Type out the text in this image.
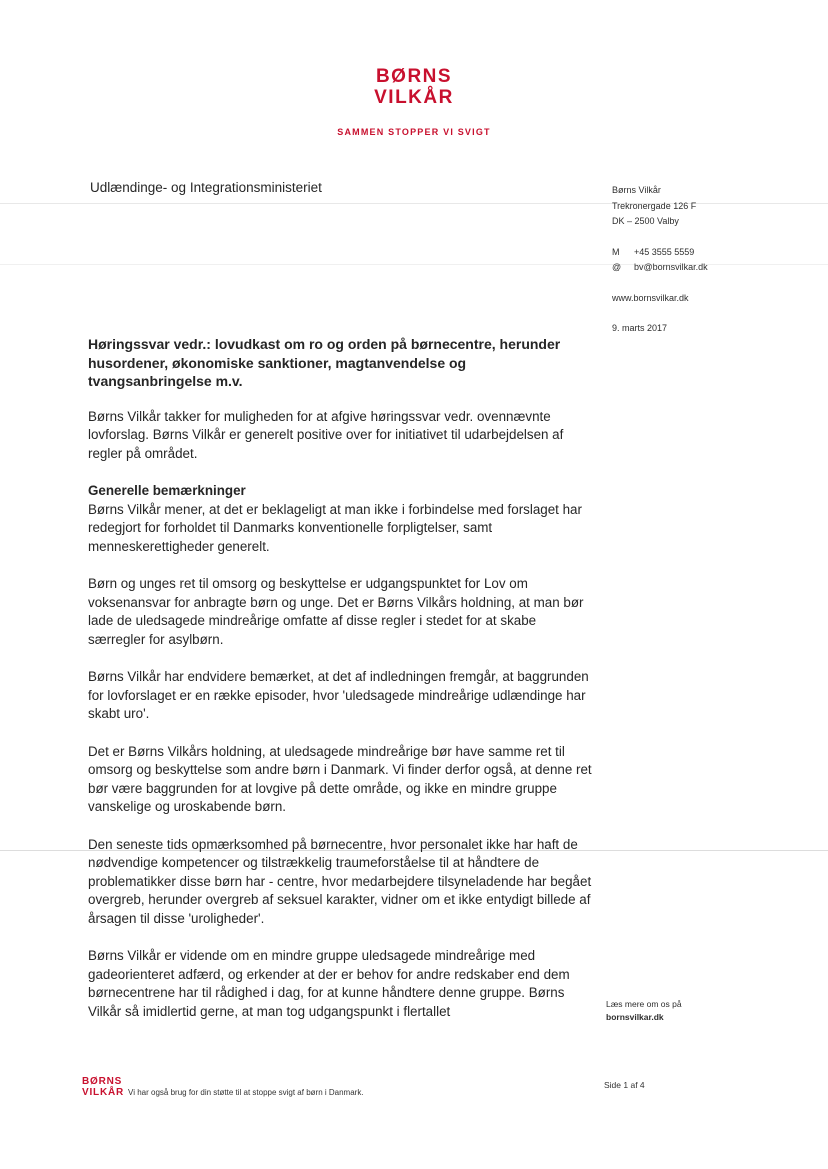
BØRNS
VILKÅR
SAMMEN STOPPER VI SVIGT
Udlændinge- og Integrationsministeriet	Børns Vilkår
Trekronergade 126 F
DK – 2500 Valby
M	+45 3555 5559
@	bv@bornsvilkar.dk
www.bornsvilkar.dk
9. marts 2017
Høringssvar vedr.: lovudkast om ro og orden på børnecentre, herunder husordener, økonomiske sanktioner, magtanvendelse og tvangsanbringelse m.v.

Børns Vilkår takker for muligheden for at afgive høringssvar vedr. ovennævnte lovforslag. Børns Vilkår er generelt positive over for initiativet til udarbejdelsen af regler på området.

Generelle bemærkninger

Børns Vilkår mener, at det er beklageligt at man ikke i forbindelse med forslaget har redegjort for forholdet til Danmarks konventionelle forpligtelser, samt menneskerettigheder generelt.

Børn og unges ret til omsorg og beskyttelse er udgangspunktet for Lov om voksenansvar for anbragte børn og unge. Det er Børns Vilkårs holdning, at man bør lade de uledsagede mindreårige omfatte af disse regler i stedet for at skabe særregler for asylbørn.

Børns Vilkår har endvidere bemærket, at det af indledningen fremgår, at baggrunden for lovforslaget er en række episoder, hvor 'uledsagede mindreårige udlændinge har skabt uro'.

Det er Børns Vilkårs holdning, at uledsagede mindreårige bør have samme ret til omsorg og beskyttelse som andre børn i Danmark. Vi finder derfor også, at denne ret bør være baggrunden for at lovgive på dette område, og ikke en mindre gruppe vanskelige og uroskabende børn.

Den seneste tids opmærksomhed på børnecentre, hvor personalet ikke har haft de nødvendige kompetencer og tilstrækkelig traumeforståelse til at håndtere de problematikker disse børn har - centre, hvor medarbejdere tilsyneladende har begået overgreb, herunder overgreb af seksuel karakter, vidner om et ikke entydigt billede af årsagen til disse 'uroligheder'.

Børns Vilkår er vidende om en mindre gruppe uledsagede mindreårige med gadeorienteret adfærd, og erkender at der er behov for andre redskaber end dem børnecentrene har til rådighed i dag, for at kunne håndtere denne gruppe. Børns Vilkår så imidlertid gerne, at man tog udgangspunkt i flertallet	Læs mere om os på
bornsvilkar.dk
BØRNS
VILKÅR Vi har også brug for din støtte til at stoppe svigt af børn i Danmark.
Side 1 af 4
